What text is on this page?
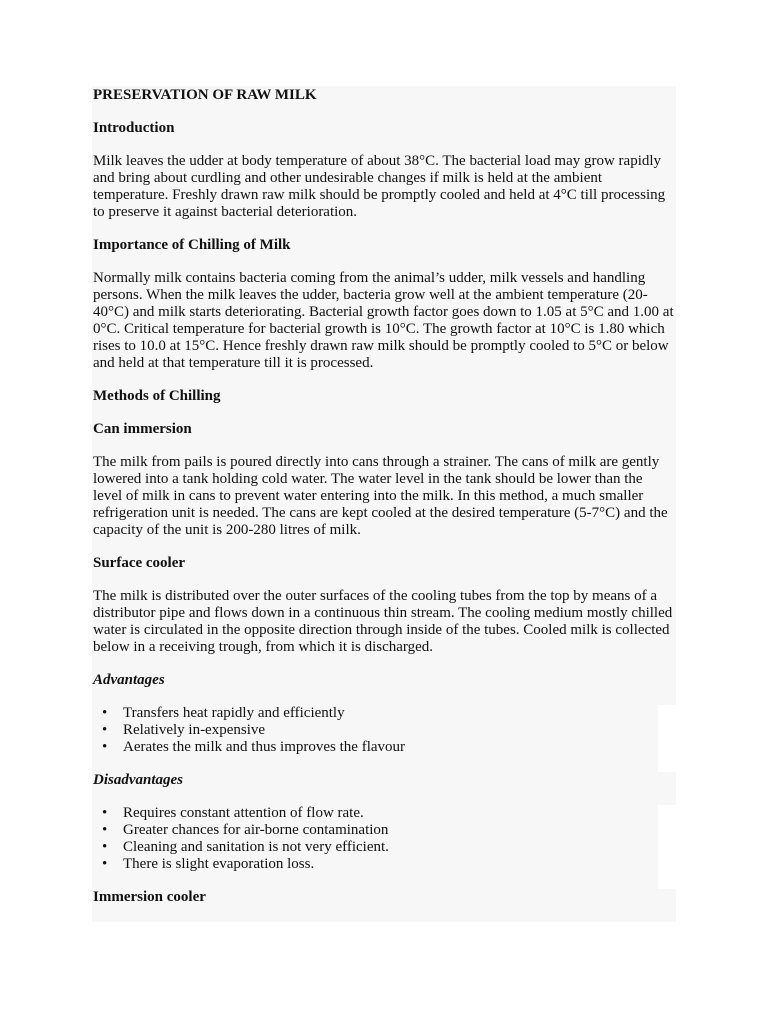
PRESERVATION OF RAW MILK

Introduction

Milk leaves the udder at body temperature of about 38°C. The bacterial load may grow rapidly and bring about curdling and other undesirable changes if milk is held at the ambient temperature. Freshly drawn raw milk should be promptly cooled and held at 4°C till processing to preserve it against bacterial deterioration.

Importance of Chilling of Milk

Normally milk contains bacteria coming from the animal’s udder, milk vessels and handling persons. When the milk leaves the udder, bacteria grow well at the ambient temperature (20-40°C) and milk starts deteriorating. Bacterial growth factor goes down to 1.05 at 5°C and 1.00 at 0°C. Critical temperature for bacterial growth is 10°C. The growth factor at 10°C is 1.80 which rises to 10.0 at 15°C. Hence freshly drawn raw milk should be promptly cooled to 5°C or below and held at that temperature till it is processed.

Methods of Chilling

Can immersion

The milk from pails is poured directly into cans through a strainer. The cans of milk are gently lowered into a tank holding cold water. The water level in the tank should be lower than the level of milk in cans to prevent water entering into the milk. In this method, a much smaller refrigeration unit is needed. The cans are kept cooled at the desired temperature (5-7°C) and the capacity of the unit is 200-280 litres of milk.

Surface cooler

The milk is distributed over the outer surfaces of the cooling tubes from the top by means of a distributor pipe and flows down in a continuous thin stream. The cooling medium mostly chilled water is circulated in the opposite direction through inside of the tubes. Cooled milk is collected below in a receiving trough, from which it is discharged.

Advantages

• Transfers heat rapidly and efficiently
• Relatively in-expensive
• Aerates the milk and thus improves the flavour

Disadvantages

• Requires constant attention of flow rate.
• Greater chances for air-borne contamination
• Cleaning and sanitation is not very efficient.
• There is slight evaporation loss.

Immersion cooler
